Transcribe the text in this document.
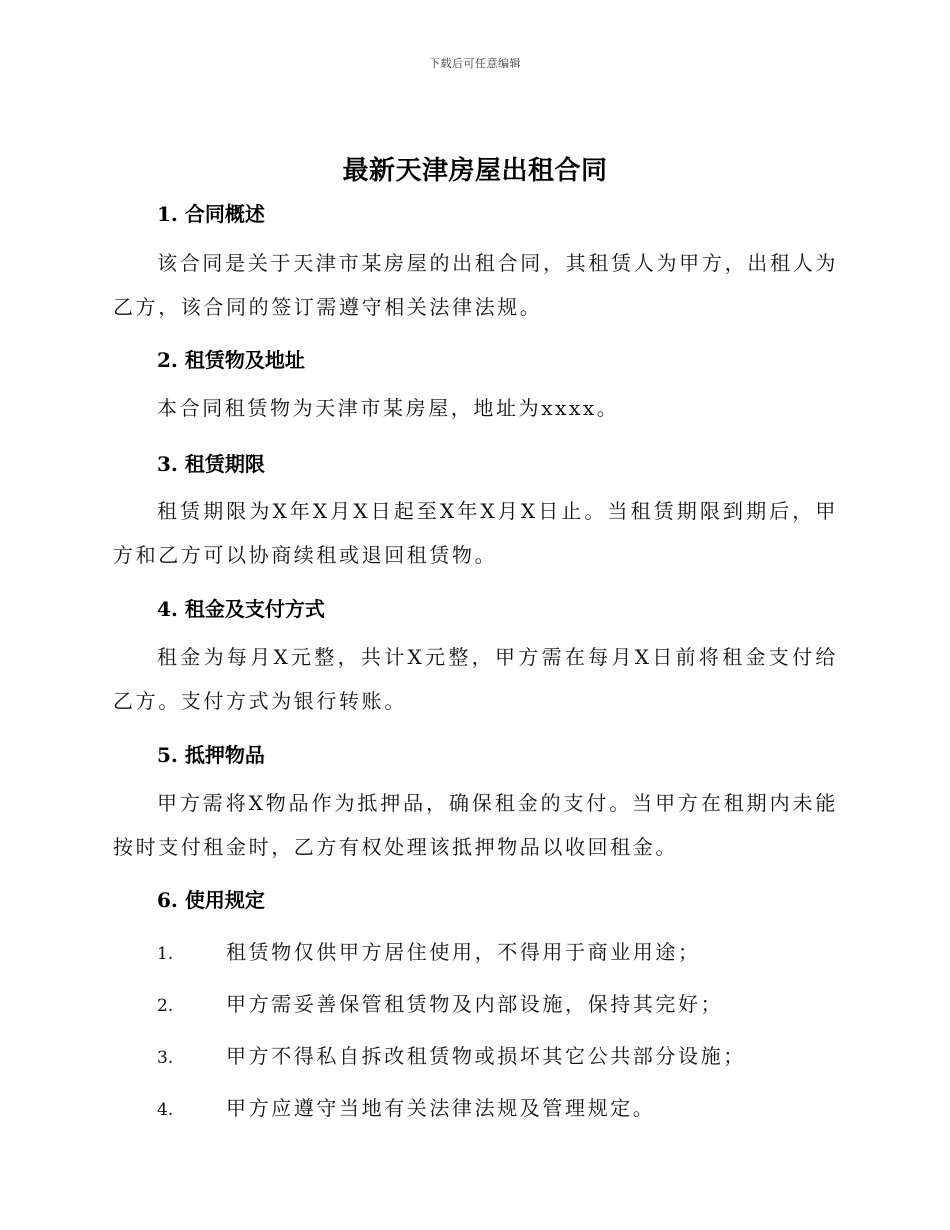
下载后可任意编辑
最新天津房屋出租合同
1. 合同概述

该合同是关于天津市某房屋的出租合同，其租赁人为甲方，出租人为乙方，该合同的签订需遵守相关法律法规。

2. 租赁物及地址

本合同租赁物为天津市某房屋，地址为xxxx。

3. 租赁期限

租赁期限为X年X月X日起至X年X月X日止。当租赁期限到期后，甲方和乙方可以协商续租或退回租赁物。

4. 租金及支付方式

租金为每月X元整，共计X元整，甲方需在每月X日前将租金支付给乙方。支付方式为银行转账。

5. 抵押物品

甲方需将X物品作为抵押品，确保租金的支付。当甲方在租期内未能按时支付租金时，乙方有权处理该抵押物品以收回租金。

6. 使用规定
1.	租赁物仅供甲方居住使用，不得用于商业用途；
2.	甲方需妥善保管租赁物及内部设施，保持其完好；
3.	甲方不得私自拆改租赁物或损坏其它公共部分设施；
4.	甲方应遵守当地有关法律法规及管理规定。
